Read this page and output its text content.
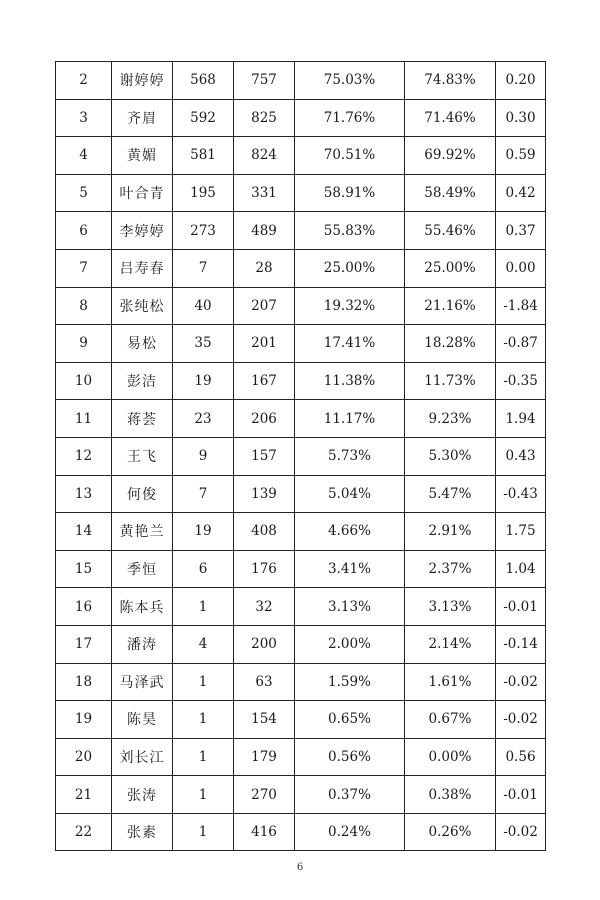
2	谢婷婷	568	757	75.03%	74.83%	0.20
3	齐眉	592	825	71.76%	71.46%	0.30
4	黄媚	581	824	70.51%	69.92%	0.59
5	叶合青	195	331	58.91%	58.49%	0.42
6	李婷婷	273	489	55.83%	55.46%	0.37
7	吕寿春	7	28	25.00%	25.00%	0.00
8	张纯松	40	207	19.32%	21.16%	-1.84
9	易松	35	201	17.41%	18.28%	-0.87
10	彭洁	19	167	11.38%	11.73%	-0.35
11	蒋荟	23	206	11.17%	9.23%	1.94
12	王飞	9	157	5.73%	5.30%	0.43
13	何俊	7	139	5.04%	5.47%	-0.43
14	黄艳兰	19	408	4.66%	2.91%	1.75
15	季恒	6	176	3.41%	2.37%	1.04
16	陈本兵	1	32	3.13%	3.13%	-0.01
17	潘涛	4	200	2.00%	2.14%	-0.14
18	马泽武	1	63	1.59%	1.61%	-0.02
19	陈昊	1	154	0.65%	0.67%	-0.02
20	刘长江	1	179	0.56%	0.00%	0.56
21	张涛	1	270	0.37%	0.38%	-0.01
22	张素	1	416	0.24%	0.26%	-0.02
6
